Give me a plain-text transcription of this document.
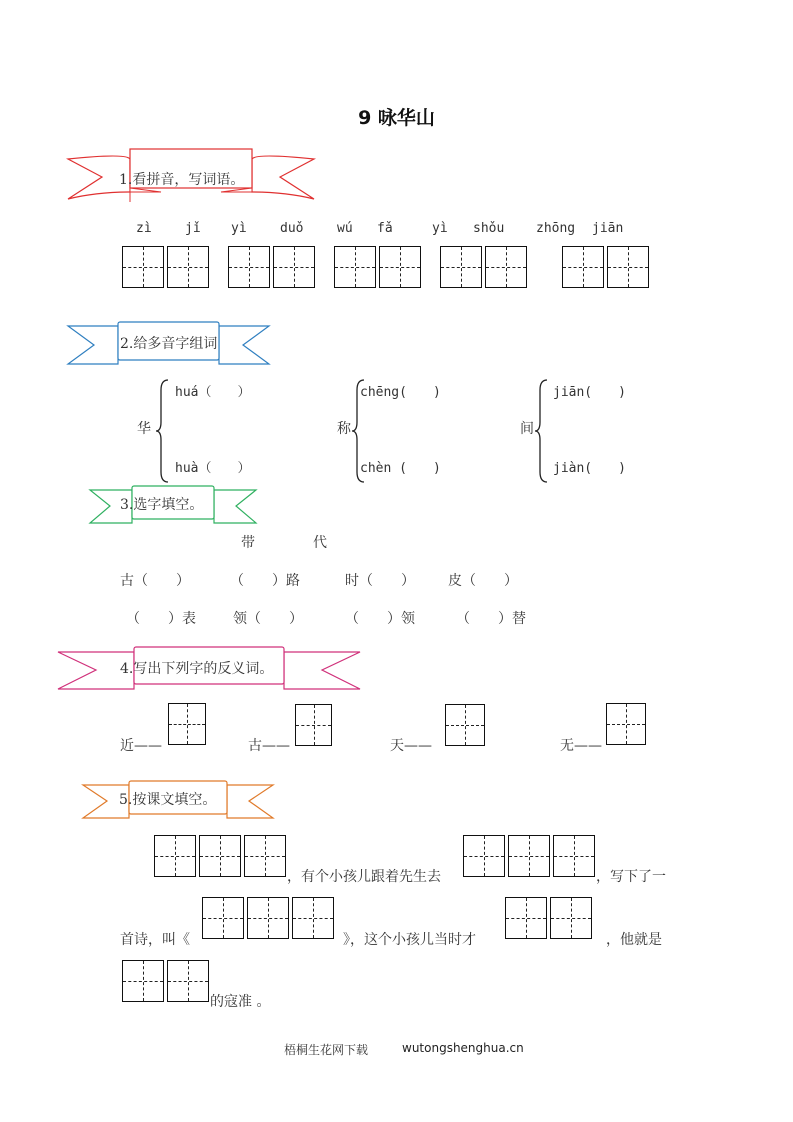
9 咏华山
1.看拼音，写词语。
zì	jǐ yì	duǒ	wú fǎ	yì shǒu zhōng jiān
2.给多音字组词
华
huá（　　）
huà（　　）
称
chēng(　　)
chèn (　　)
间
jiān(　　)
jiàn(　　)
3.选字填空。
带	代
古（　　）	（　　）路	时（　　） 皮（　　）
（　　）表	领（　　）	（　　）领	（　　）替
4.写出下列字的反义词。
近——	古——	天——	无——
5.按课文填空。
，有个小孩儿跟着先生去	，写下了一
首诗，叫《	》，这个小孩儿当时才	，他就是
的寇准 。
梧桐生花网下载	wutongshenghua.cn
